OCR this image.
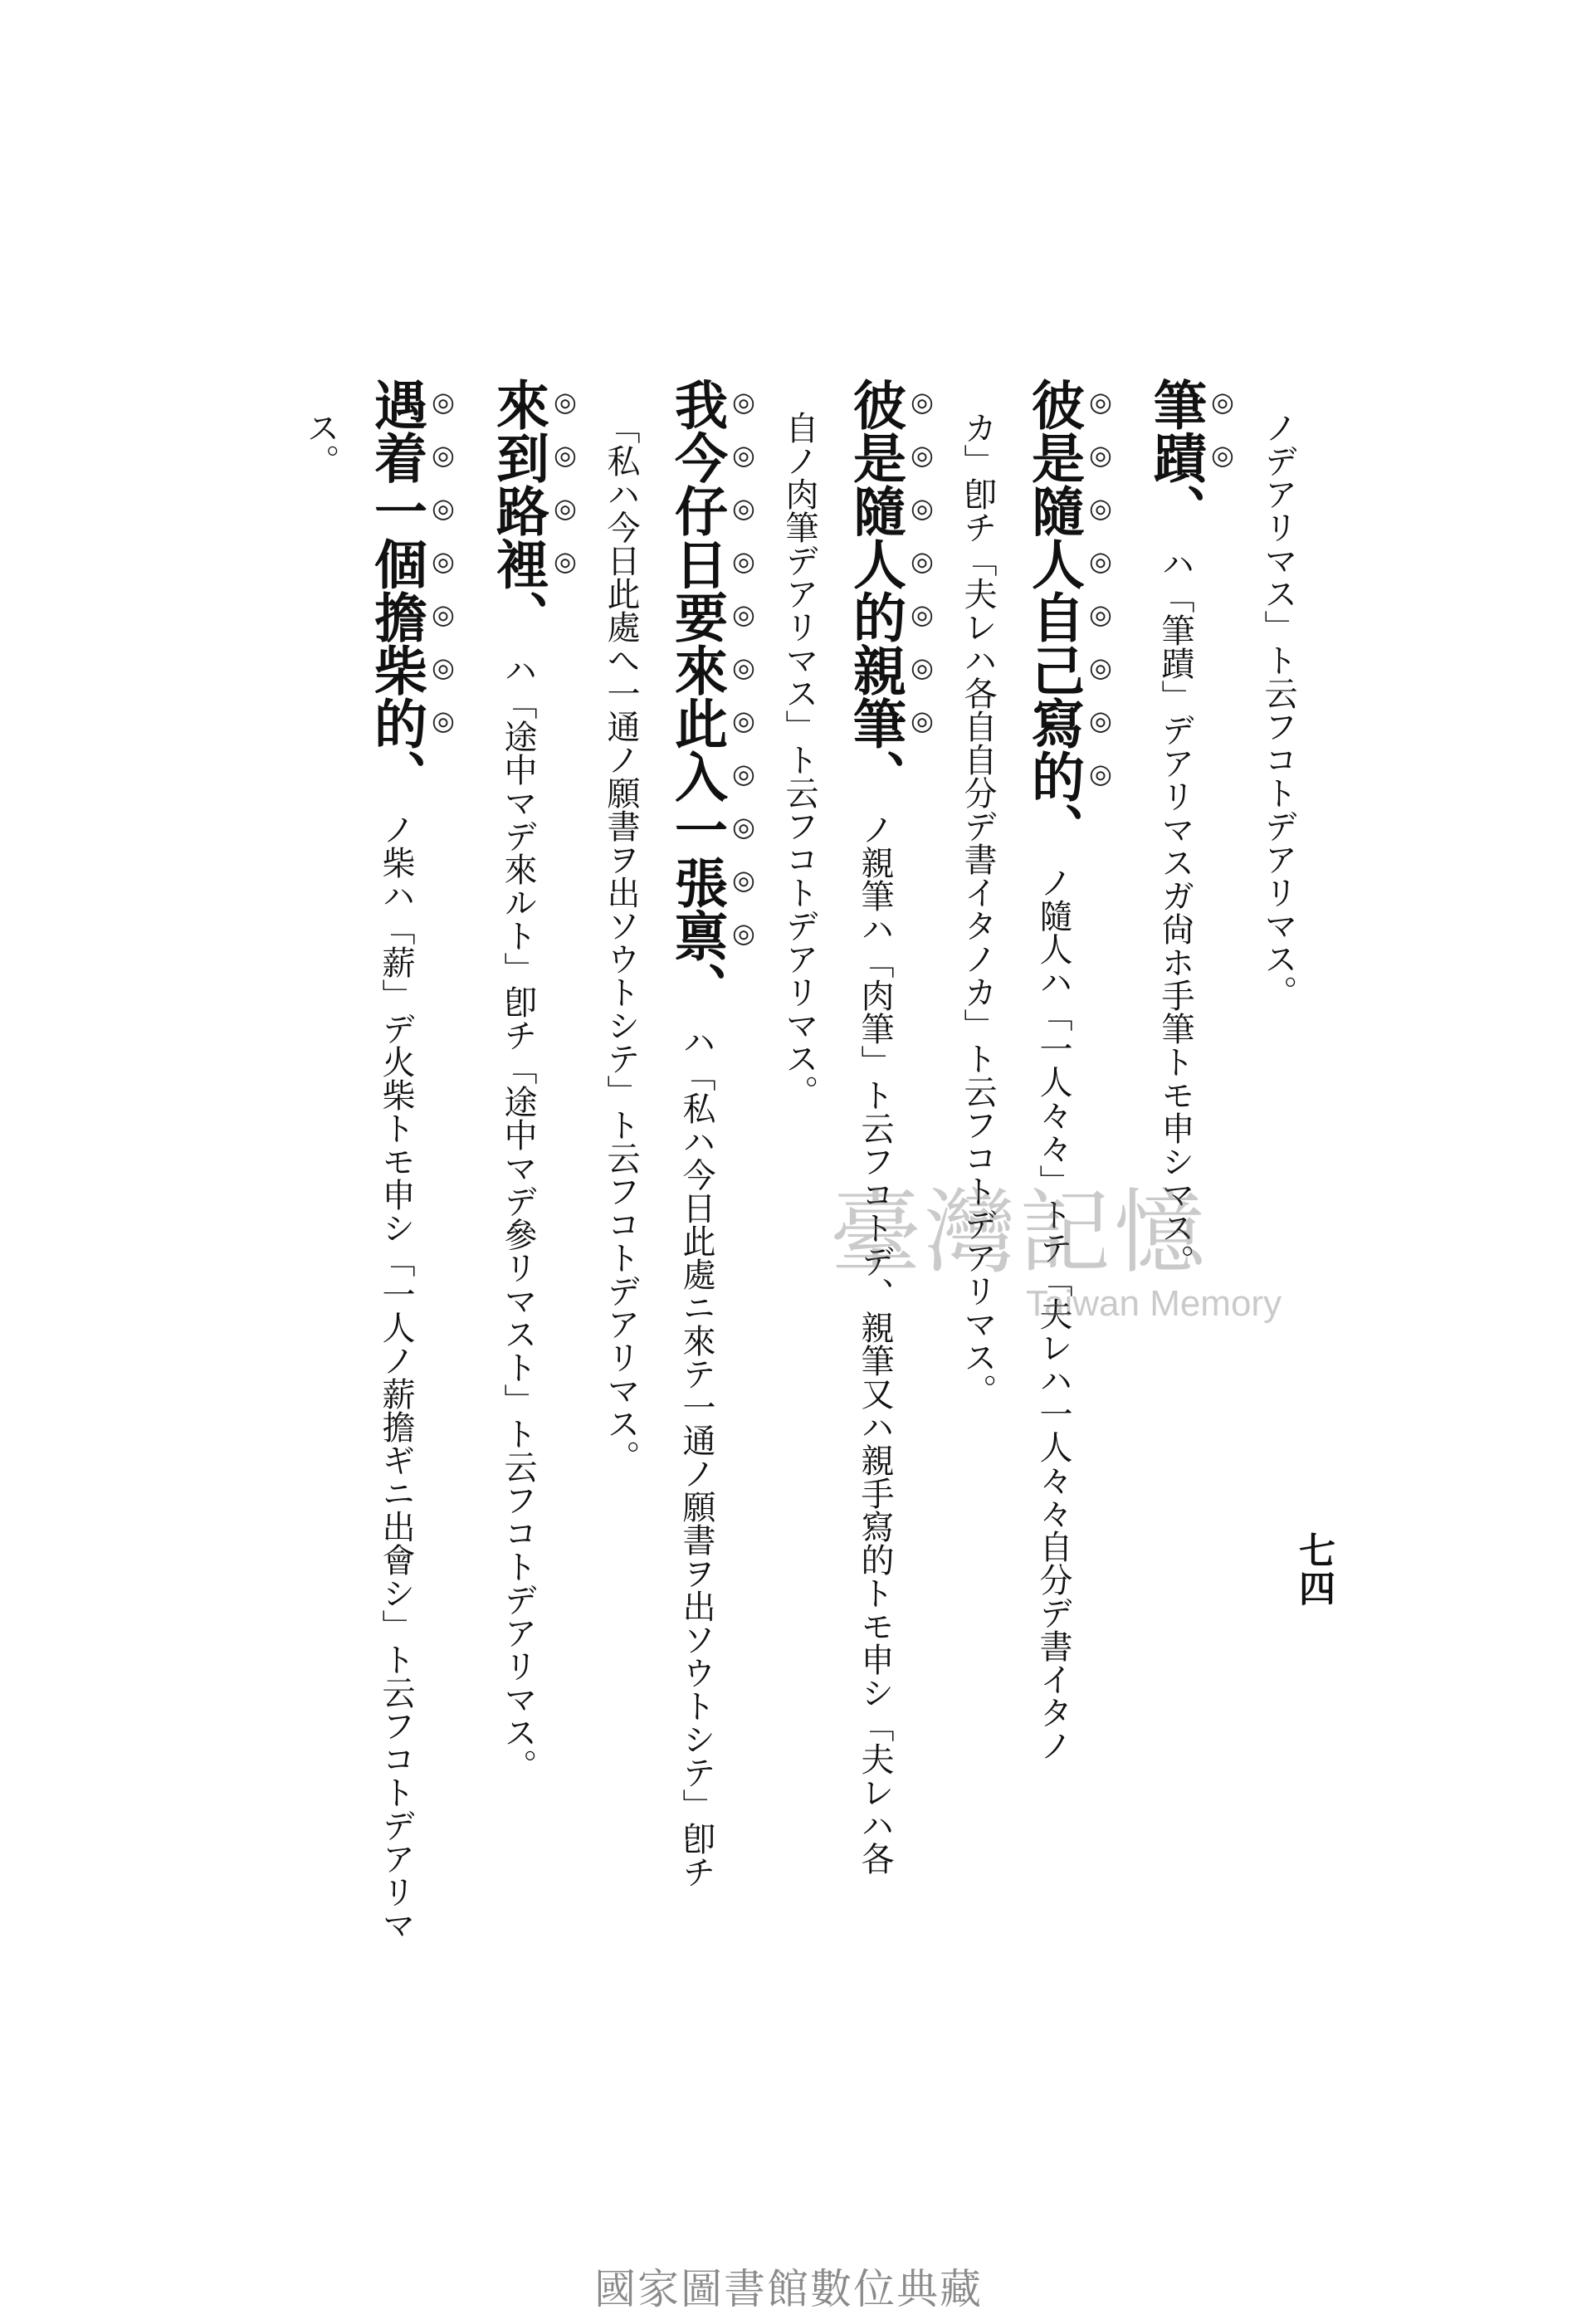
七四
ノデアリマス」ト云フコトデアリマス。
筆蹟、ハ「筆蹟」デアリマスガ尙ホ手筆トモ申シマス。
彼是隨人自己寫的、ノ隨人ハ「一人々々」トテ「夫レハ一人々々自分デ書イタノ
カ」卽チ「夫レハ各自自分デ書イタノカ」ト云フコトデアリマス。
彼是隨人的親筆、ノ親筆ハ「肉筆」ト云フコトデ、親筆又ハ親手寫的トモ申シ「夫レハ各
自ノ肉筆デアリマス」ト云フコトデアリマス。
我今仔日要來此入一張禀、ハ「私ハ今日此處ニ來テ一通ノ願書ヲ出ソウトシテ」卽チ
「私ハ今日此處へ一通ノ願書ヲ出ソウトシテ」ト云フコトデアリマス。
來到路裡、ハ「途中マデ來ルト」卽チ「途中マデ參リマスト」ト云フコトデアリマス。
遇着一個擔柴的、ノ柴ハ「薪」デ火柴トモ申シ「一人ノ薪擔ギニ出會シ」ト云フコトデアリマ
ス。
臺灣記憶
Taiwan Memory
國家圖書館數位典藏
